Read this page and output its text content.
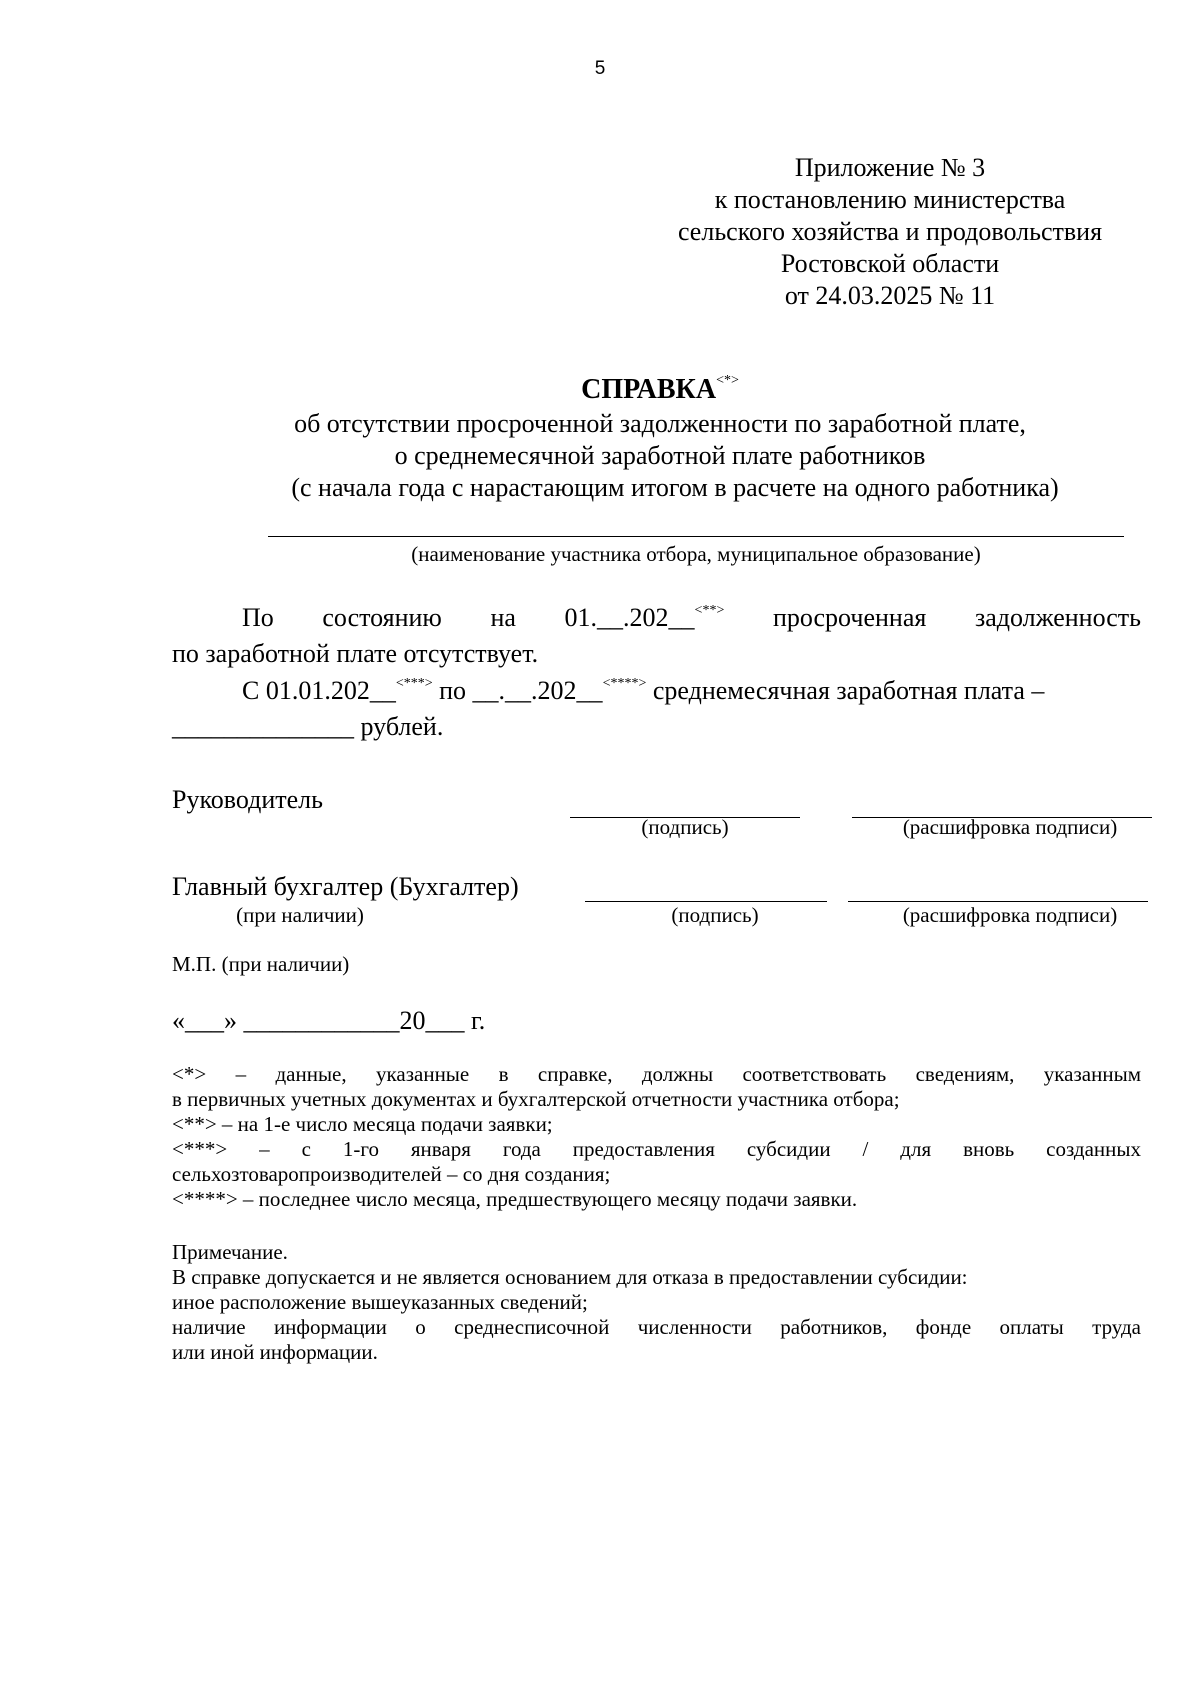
5
Приложение № 3
к постановлению министерства
сельского хозяйства и продовольствия
Ростовской области
от 24.03.2025 № 11
СПРАВКА<*>
об отсутствии просроченной задолженности по заработной плате,
о среднемесячной заработной плате работников
(с начала года с нарастающим итогом в расчете на одного работника)
(наименование участника отбора, муниципальное образование)
По состоянию на 01.__.202__<**> просроченная задолженность
по заработной плате отсутствует.
С 01.01.202__<***> по __.__.202__<****> среднемесячная заработная плата –
______________ рублей.
Руководитель
(подпись)	(расшифровка подписи)
Главный бухгалтер (Бухгалтер)
(при наличии)	(подпись)	(расшифровка подписи)
М.П. (при наличии)
«___» ____________20___ г.
<*> – данные, указанные в справке, должны соответствовать сведениям, указанным
в первичных учетных документах и бухгалтерской отчетности участника отбора;
<**> – на 1-е число месяца подачи заявки;
<***> – с 1-го января года предоставления субсидии / для вновь созданных
сельхозтоваропроизводителей – со дня создания;
<****> – последнее число месяца, предшествующего месяцу подачи заявки.
Примечание.
В справке допускается и не является основанием для отказа в предоставлении субсидии:
иное расположение вышеуказанных сведений;
наличие информации о среднесписочной численности работников, фонде оплаты труда
или иной информации.
